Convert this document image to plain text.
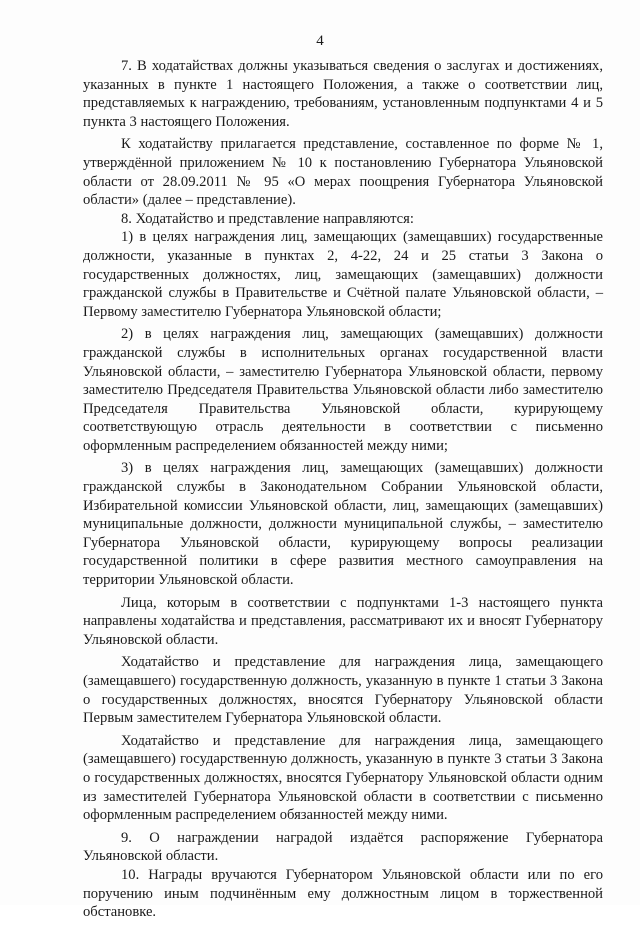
4

7. В ходатайствах должны указываться сведения о заслугах и достижениях, указанных в пункте 1 настоящего Положения, а также о соответствии лиц, представляемых к награждению, требованиям, установленным подпунктами 4 и 5 пункта 3 настоящего Положения.

К ходатайству прилагается представление, составленное по форме № 1, утверждённой приложением № 10 к постановлению Губернатора Ульяновской области от 28.09.2011 № 95 «О мерах поощрения Губернатора Ульяновской области» (далее – представление).

8. Ходатайство и представление направляются:

1) в целях награждения лиц, замещающих (замещавших) государственные должности, указанные в пунктах 2, 4-22, 24 и 25 статьи 3 Закона о государственных должностях, лиц, замещающих (замещавших) должности гражданской службы в Правительстве и Счётной палате Ульяновской области, – Первому заместителю Губернатора Ульяновской области;

2) в целях награждения лиц, замещающих (замещавших) должности гражданской службы в исполнительных органах государственной власти Ульяновской области, – заместителю Губернатора Ульяновской области, первому заместителю Председателя Правительства Ульяновской области либо заместителю Председателя Правительства Ульяновской области, курирующему соответствующую отрасль деятельности в соответствии с письменно оформленным распределением обязанностей между ними;

3) в целях награждения лиц, замещающих (замещавших) должности гражданской службы в Законодательном Собрании Ульяновской области, Избирательной комиссии Ульяновской области, лиц, замещающих (замещавших) муниципальные должности, должности муниципальной службы, – заместителю Губернатора Ульяновской области, курирующему вопросы реализации государственной политики в сфере развития местного самоуправления на территории Ульяновской области.

Лица, которым в соответствии с подпунктами 1-3 настоящего пункта направлены ходатайства и представления, рассматривают их и вносят Губернатору Ульяновской области.

Ходатайство и представление для награждения лица, замещающего (замещавшего) государственную должность, указанную в пункте 1 статьи 3 Закона о государственных должностях, вносятся Губернатору Ульяновской области Первым заместителем Губернатора Ульяновской области.

Ходатайство и представление для награждения лица, замещающего (замещавшего) государственную должность, указанную в пункте 3 статьи 3 Закона о государственных должностях, вносятся Губернатору Ульяновской области одним из заместителей Губернатора Ульяновской области в соответствии с письменно оформленным распределением обязанностей между ними.

9. О награждении наградой издаётся распоряжение Губернатора Ульяновской области.

10. Награды вручаются Губернатором Ульяновской области или по его поручению иным подчинённым ему должностным лицом в торжественной обстановке.
